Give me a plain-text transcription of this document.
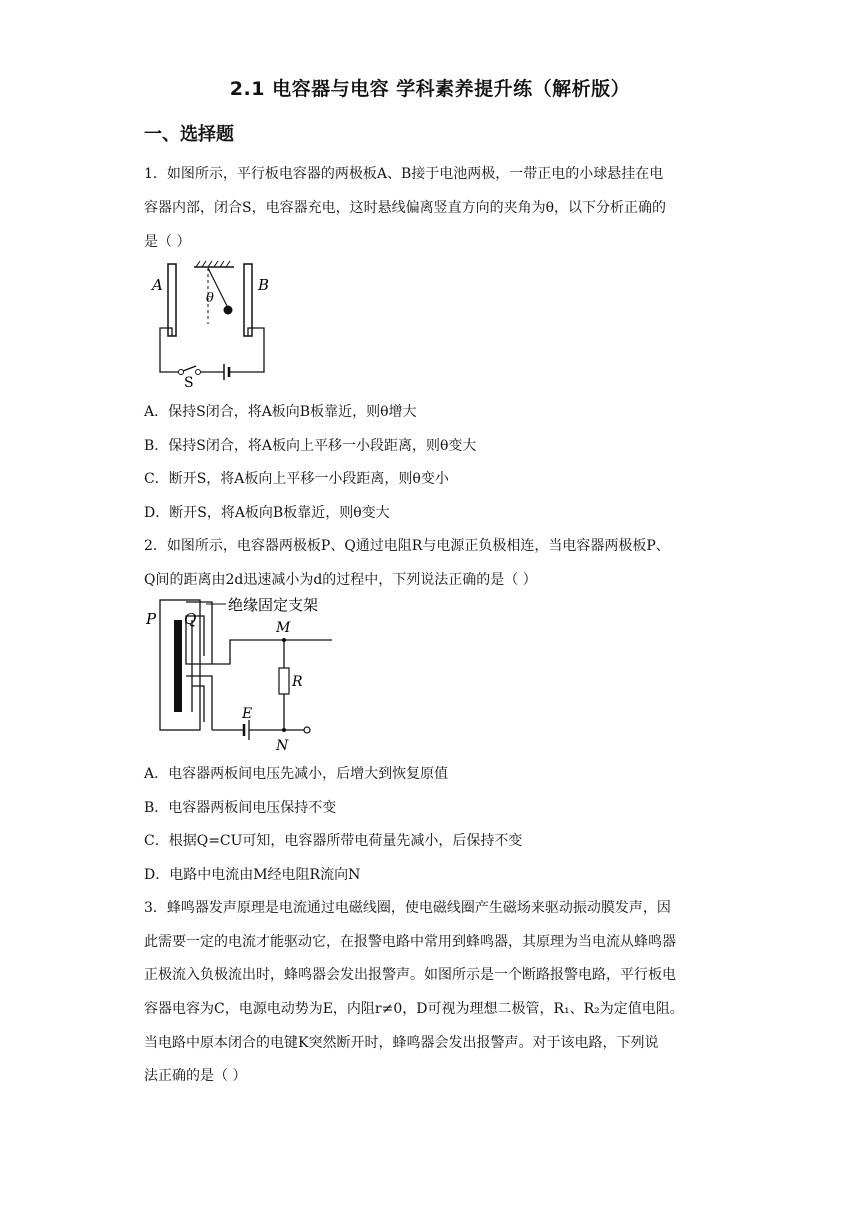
2.1 电容器与电容 学科素养提升练（解析版）
一、选择题
1．如图所示，平行板电容器的两极板A、B接于电池两极，一带正电的小球悬挂在电
容器内部，闭合S，电容器充电，这时悬线偏离竖直方向的夹角为θ，以下分析正确的
是（ ）
θ
A	B
S
A．保持S闭合，将A板向B板靠近，则θ增大
B．保持S闭合，将A板向上平移一小段距离，则θ变大
C．断开S，将A板向上平移一小段距离，则θ变小
D．断开S，将A板向B板靠近，则θ变大
2．如图所示，电容器两极板P、Q通过电阻R与电源正负极相连，当电容器两极板P、
Q间的距离由2d迅速减小为d的过程中，下列说法正确的是（ ）
绝缘固定支架
P Q	M
R
E
N
A．电容器两板间电压先减小，后增大到恢复原值
B．电容器两板间电压保持不变
C．根据Q=CU可知，电容器所带电荷量先减小，后保持不变
D．电路中电流由M经电阻R流向N
3．蜂鸣器发声原理是电流通过电磁线圈，使电磁线圈产生磁场来驱动振动膜发声，因
此需要一定的电流才能驱动它，在报警电路中常用到蜂鸣器，其原理为当电流从蜂鸣器
正极流入负极流出时，蜂鸣器会发出报警声。如图所示是一个断路报警电路，平行板电
容器电容为C，电源电动势为E，内阻r≠0，D可视为理想二极管，R₁、R₂为定值电阻。
当电路中原本闭合的电键K突然断开时，蜂鸣器会发出报警声。对于该电路，下列说
法正确的是（ ）
